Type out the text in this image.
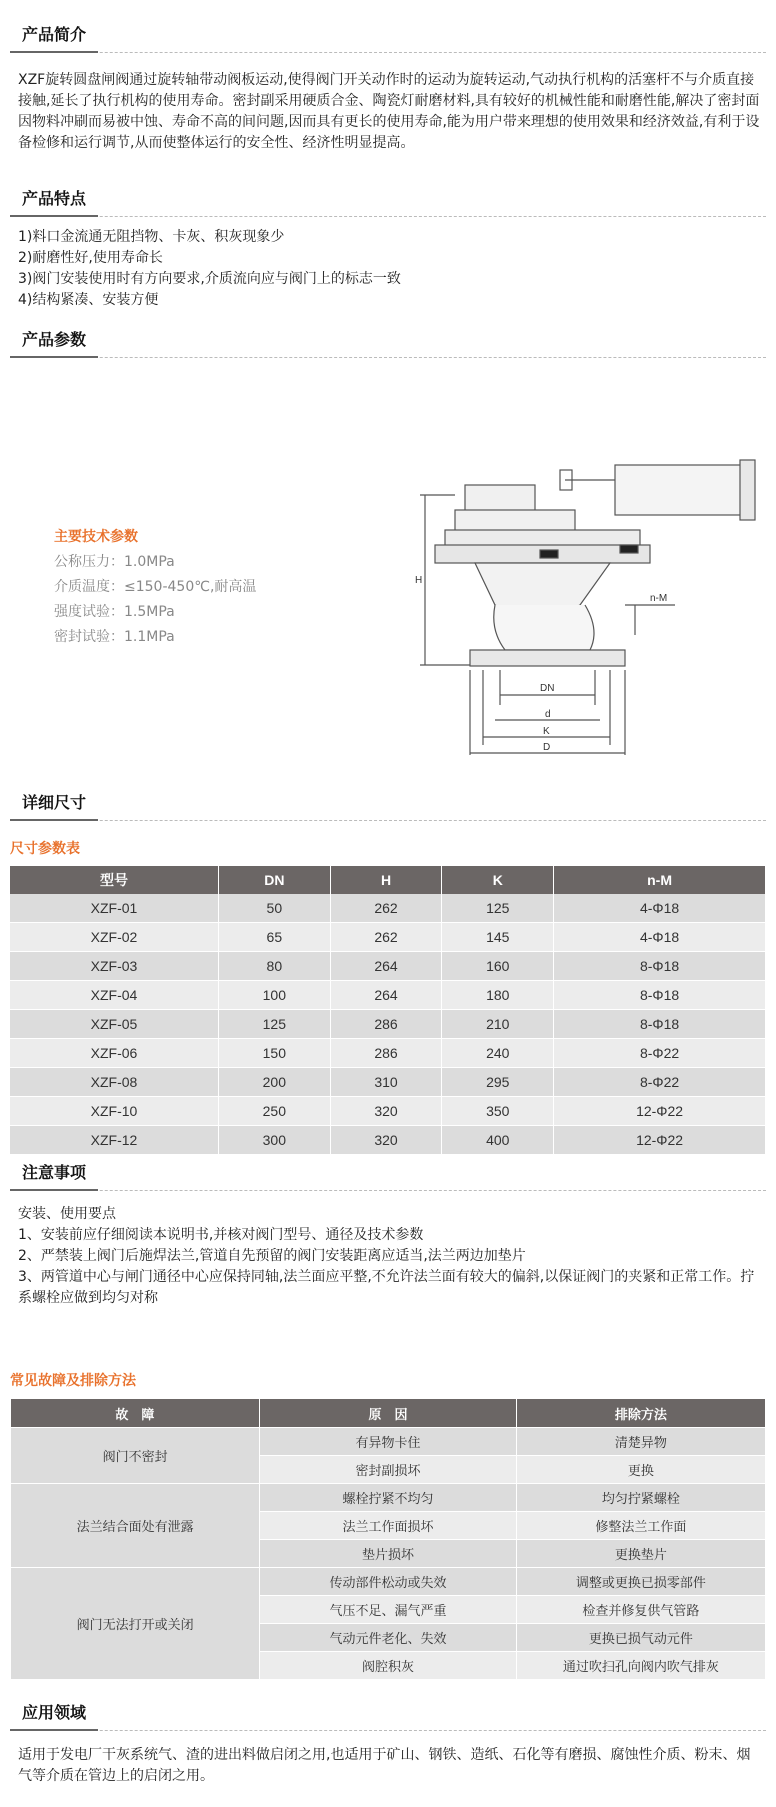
产品简介
XZF旋转圆盘闸阀通过旋转轴带动阀板运动,使得阀门开关动作时的运动为旋转运动,气动执行机构的活塞杆不与介质直接接触,延长了执行机构的使用寿命。密封副采用硬质合金、陶瓷灯耐磨材料,具有较好的机械性能和耐磨性能,解决了密封面因物料冲刷而易被中蚀、寿命不高的间问题,因而具有更长的使用寿命,能为用户带来理想的使用效果和经济效益,有利于设备检修和运行调节,从而使整体运行的安全性、经济性明显提高。
产品特点
1)料口金流通无阻挡物、卡灰、积灰现象少
2)耐磨性好,使用寿命长
3)阀门安装使用时有方向要求,介质流向应与阀门上的标志一致
4)结构紧凑、安装方便
产品参数
主要技术参数
公称压力：1.0MPa
介质温度：≤150-450℃,耐高温
强度试验：1.5MPa
密封试验：1.1MPa
H
n-M
DN
d
K
D
详细尺寸
尺寸参数表
型号	DN	H	K	n-M
XZF-01	50	262	125	4-Φ18
XZF-02	65	262	145	4-Φ18
XZF-03	80	264	160	8-Φ18
XZF-04	100	264	180	8-Φ18
XZF-05	125	286	210	8-Φ18
XZF-06	150	286	240	8-Φ22
XZF-08	200	310	295	8-Φ22
XZF-10	250	320	350	12-Φ22
XZF-12	300	320	400	12-Φ22
注意事项
安装、使用要点
1、安装前应仔细阅读本说明书,并核对阀门型号、通径及技术参数
2、严禁装上阀门后施焊法兰,管道自先预留的阀门安装距离应适当,法兰两边加垫片
3、两管道中心与闸门通径中心应保持同轴,法兰面应平整,不允许法兰面有较大的偏斜,以保证阀门的夹紧和正常工作。拧系螺栓应做到均匀对称
常见故障及排除方法
故　障	原　因	排除方法
阀门不密封	有异物卡住	清楚异物
	密封副损坏	更换
法兰结合面处有泄露	螺栓拧紧不均匀	均匀拧紧螺栓
	法兰工作面损坏	修整法兰工作面
	垫片损坏	更换垫片
阀门无法打开或关闭	传动部件松动或失效	调整或更换已损零部件
	气压不足、漏气严重	检查并修复供气管路
	气动元件老化、失效	更换已损气动元件
	阀腔积灰	通过吹扫孔向阀内吹气排灰
应用领域
适用于发电厂干灰系统气、渣的进出料做启闭之用,也适用于矿山、钢铁、造纸、石化等有磨损、腐蚀性介质、粉末、烟气等介质在管边上的启闭之用。
